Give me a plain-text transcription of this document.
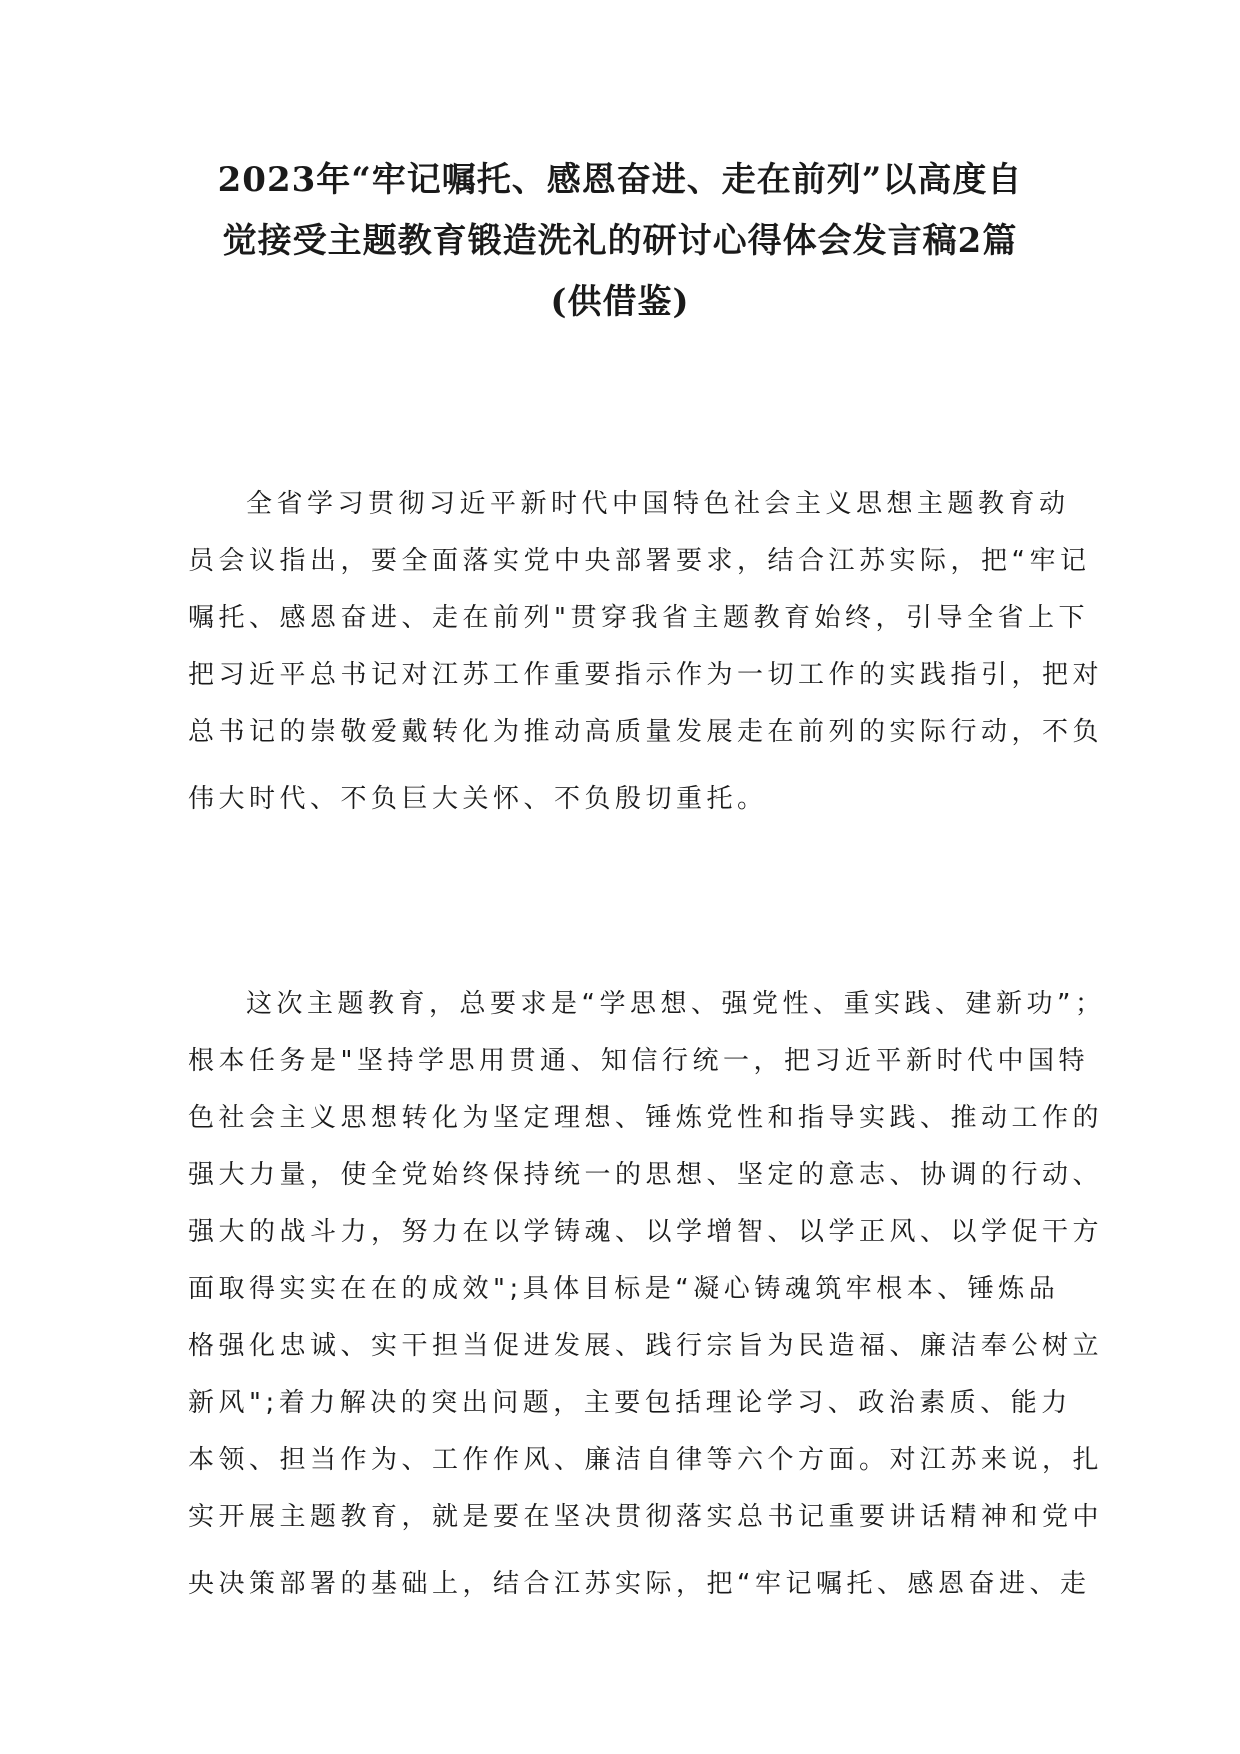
2023年“牢记嘱托、感恩奋进、走在前列”以高度自
觉接受主题教育锻造洗礼的研讨心得体会发言稿2篇
(供借鉴)
全省学习贯彻习近平新时代中国特色社会主义思想主题教育动
员会议指出，要全面落实党中央部署要求，结合江苏实际，把“牢记
嘱托、感恩奋进、走在前列"贯穿我省主题教育始终，引导全省上下
把习近平总书记对江苏工作重要指示作为一切工作的实践指引，把对
总书记的崇敬爱戴转化为推动高质量发展走在前列的实际行动，不负
伟大时代、不负巨大关怀、不负殷切重托。
这次主题教育，总要求是“学思想、强党性、重实践、建新功”；
根本任务是"坚持学思用贯通、知信行统一，把习近平新时代中国特
色社会主义思想转化为坚定理想、锤炼党性和指导实践、推动工作的
强大力量，使全党始终保持统一的思想、坚定的意志、协调的行动、
强大的战斗力，努力在以学铸魂、以学增智、以学正风、以学促干方
面取得实实在在的成效";具体目标是“凝心铸魂筑牢根本、锤炼品
格强化忠诚、实干担当促进发展、践行宗旨为民造福、廉洁奉公树立
新风";着力解决的突出问题，主要包括理论学习、政治素质、能力
本领、担当作为、工作作风、廉洁自律等六个方面。对江苏来说，扎
实开展主题教育，就是要在坚决贯彻落实总书记重要讲话精神和党中
央决策部署的基础上，结合江苏实际，把“牢记嘱托、感恩奋进、走
